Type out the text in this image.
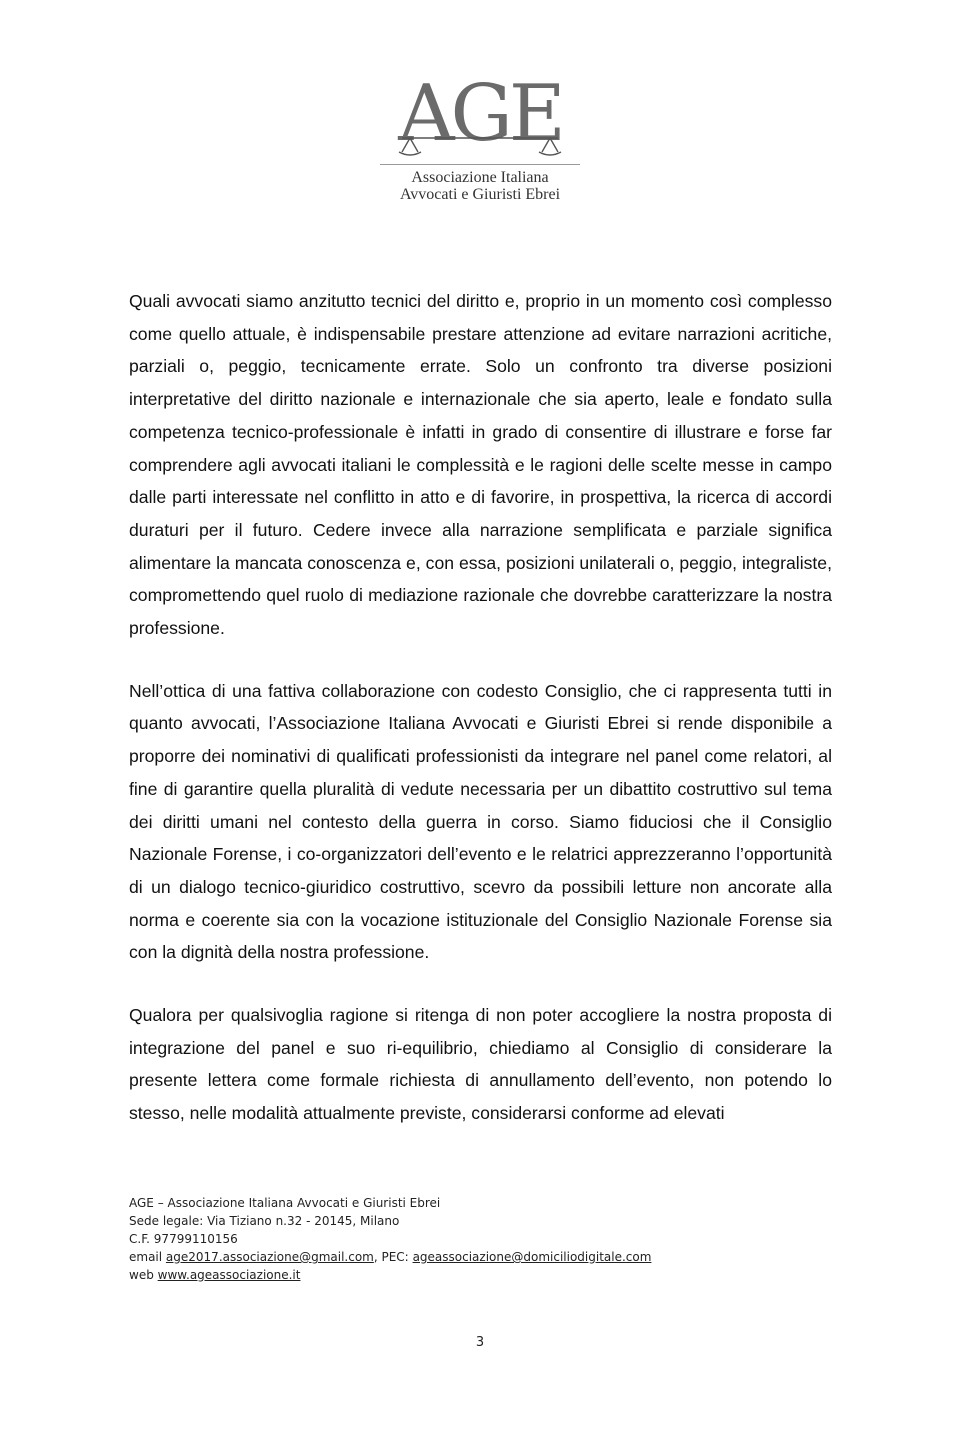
AGE
Associazione Italiana
Avvocati e Giuristi Ebrei

Quali avvocati siamo anzitutto tecnici del diritto e, proprio in un momento così complesso come quello attuale, è indispensabile prestare attenzione ad evitare narrazioni acritiche, parziali o, peggio, tecnicamente errate. Solo un confronto tra diverse posizioni interpretative del diritto nazionale e internazionale che sia aperto, leale e fondato sulla competenza tecnico-professionale è infatti in grado di consentire di illustrare e forse far comprendere agli avvocati italiani le complessità e le ragioni delle scelte messe in campo dalle parti interessate nel conflitto in atto e di favorire, in prospettiva, la ricerca di accordi duraturi per il futuro. Cedere invece alla narrazione semplificata e parziale significa alimentare la mancata conoscenza e, con essa, posizioni unilaterali o, peggio, integraliste, compromettendo quel ruolo di mediazione razionale che dovrebbe caratterizzare la nostra professione.

Nell’ottica di una fattiva collaborazione con codesto Consiglio, che ci rappresenta tutti in quanto avvocati, l’Associazione Italiana Avvocati e Giuristi Ebrei si rende disponibile a proporre dei nominativi di qualificati professionisti da integrare nel panel come relatori, al fine di garantire quella pluralità di vedute necessaria per un dibattito costruttivo sul tema dei diritti umani nel contesto della guerra in corso. Siamo fiduciosi che il Consiglio Nazionale Forense, i co-organizzatori dell’evento e le relatrici apprezzeranno l’opportunità di un dialogo tecnico-giuridico costruttivo, scevro da possibili letture non ancorate alla norma e coerente sia con la vocazione istituzionale del Consiglio Nazionale Forense sia con la dignità della nostra professione.

Qualora per qualsivoglia ragione si ritenga di non poter accogliere la nostra proposta di integrazione del panel e suo ri-equilibrio, chiediamo al Consiglio di considerare la presente lettera come formale richiesta di annullamento dell’evento, non potendo lo stesso, nelle modalità attualmente previste, considerarsi conforme ad elevati

AGE – Associazione Italiana Avvocati e Giuristi Ebrei
Sede legale: Via Tiziano n.32 - 20145, Milano
C.F. 97799110156
email age2017.associazione@gmail.com, PEC: ageassociazione@domiciliodigitale.com
web www.ageassociazione.it
3
